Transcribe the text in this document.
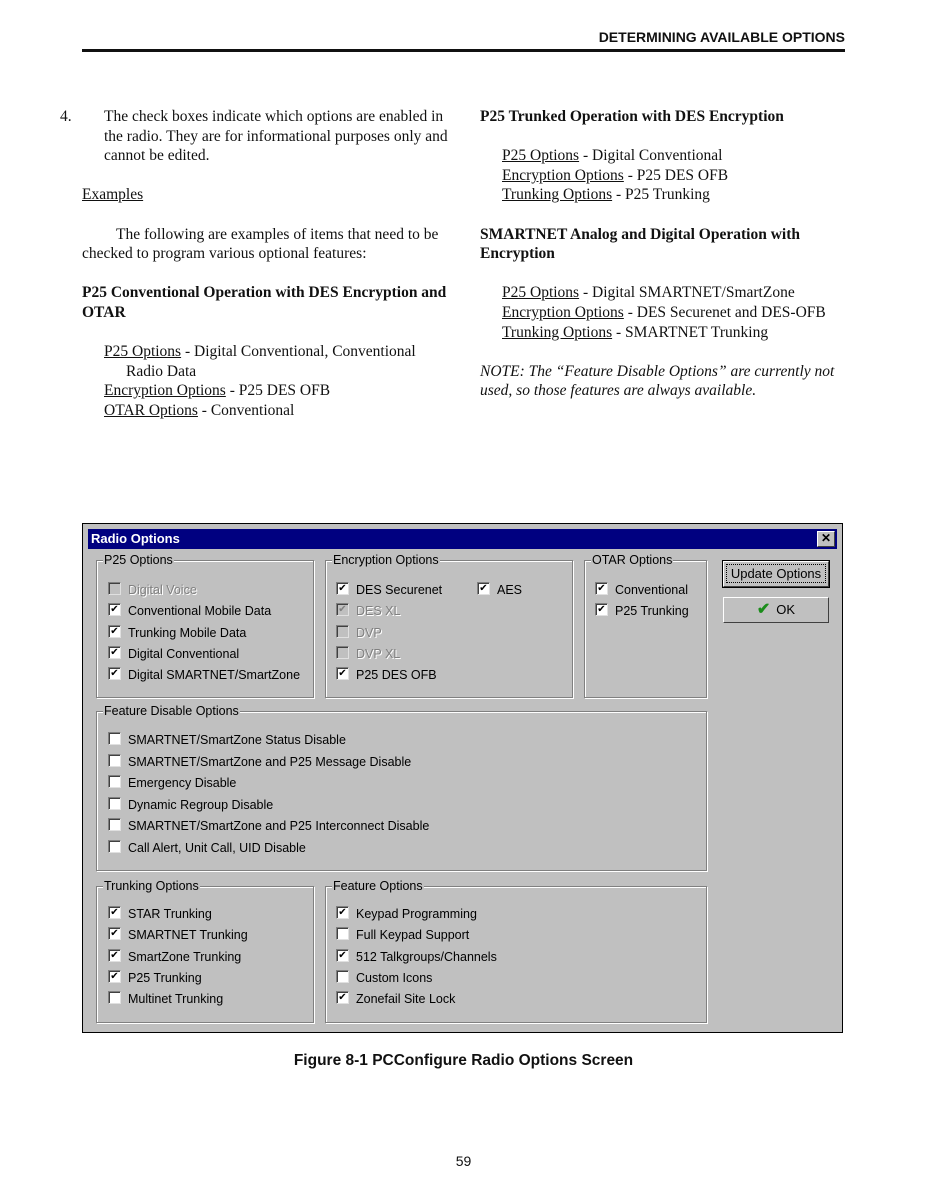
DETERMINING AVAILABLE OPTIONS

4. The check boxes indicate which options are enabled in the radio. They are for informational purposes only and cannot be edited.

Examples

The following are examples of items that need to be checked to program various optional features:

P25 Conventional Operation with DES Encryption and OTAR

P25 Options - Digital Conventional, Conventional Radio Data

Encryption Options - P25 DES OFB

OTAR Options - Conventional

P25 Trunked Operation with DES Encryption

P25 Options - Digital Conventional

Encryption Options - P25 DES OFB

Trunking Options - P25 Trunking

SMARTNET Analog and Digital Operation with Encryption

P25 Options - Digital SMARTNET/SmartZone

Encryption Options - DES Securenet and DES-OFB

Trunking Options - SMARTNET Trunking

NOTE: The “Feature Disable Options” are currently not used, so those features are always available.

Radio Options	✕
P25 Options	Encryption Options	OTAR Options
Feature Disable Options
Trunking Options	Feature Options
Digital Voice
✔Conventional Mobile Data
✔Trunking Mobile Data
✔Digital Conventional
✔Digital SMARTNET/SmartZone
✔DES Securenet
✔DES XL
DVP
DVP XL
✔P25 DES OFB
✔Conventional
✔P25 Trunking
SMARTNET/SmartZone Status Disable
SMARTNET/SmartZone and P25 Message Disable
Emergency Disable
Dynamic Regroup Disable
SMARTNET/SmartZone and P25 Interconnect Disable
Call Alert, Unit Call, UID Disable
✔STAR Trunking
✔SMARTNET Trunking
✔SmartZone Trunking
✔P25 Trunking
Multinet Trunking
✔Keypad Programming
Full Keypad Support
✔512 Talkgroups/Channels
Custom Icons
✔Zonefail Site Lock
✔AES
Update Options
✔ OK
Figure 8-1 PCConfigure Radio Options Screen
59
